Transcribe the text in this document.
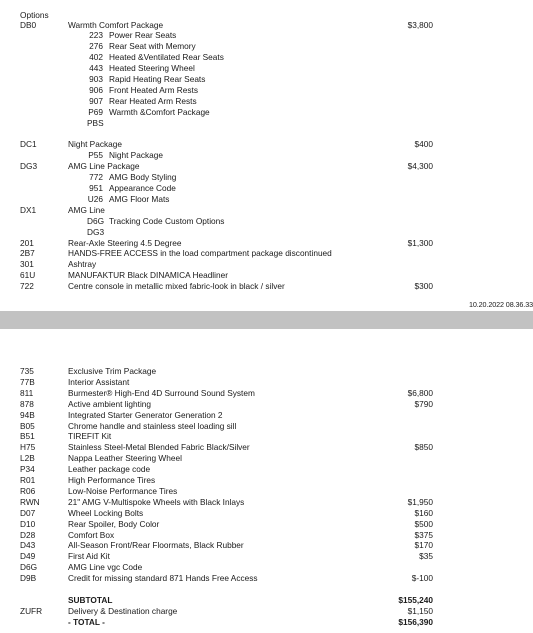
Options
DB0	Warmth Comfort Package	$3,800
223 Power Rear Seats
276 Rear Seat with Memory
402 Heated &Ventilated Rear Seats
443 Heated Steering Wheel
903 Rapid Heating Rear Seats
906 Front Heated Arm Rests
907 Rear Heated Arm Rests
P69 Warmth &Comfort Package
PBS
DC1	Night Package	$400
P55 Night Package
DG3	AMG Line Package	$4,300
772 AMG Body Styling
951 Appearance Code
U26 AMG Floor Mats
DX1	AMG Line
D6G Tracking Code Custom Options
DG3
201	Rear-Axle Steering 4.5 Degree	$1,300
2B7	HANDS-FREE ACCESS in the load compartment package discontinued
301	Ashtray
61U	MANUFAKTUR Black DINAMICA Headliner
722	Centre console in metallic mixed fabric-look in black / silver	$300
10.20.2022 08.36.33
735	Exclusive Trim Package
77B	Interior Assistant
811	Burmester® High-End 4D Surround Sound System	$6,800
878	Active ambient lighting	$790
94B	Integrated Starter Generator Generation 2
B05	Chrome handle and stainless steel loading sill
B51	TIREFIT Kit
H75	Stainless Steel-Metal Blended Fabric Black/Silver	$850
L2B	Nappa Leather Steering Wheel
P34	Leather package code
R01	High Performance Tires
R06	Low-Noise Performance Tires
RWN	21" AMG V-Multispoke Wheels with Black Inlays	$1,950
D07	Wheel Locking Bolts	$160
D10	Rear Spoiler, Body Color	$500
D28	Comfort Box	$375
D43	All-Season Front/Rear Floormats, Black Rubber	$170
D49	First Aid Kit	$35
D6G	AMG Line vgc Code
D9B	Credit for missing standard 871 Hands Free Access	$-100
SUBTOTAL	$155,240
ZUFR	Delivery & Destination charge	$1,150
- TOTAL -	$156,390
